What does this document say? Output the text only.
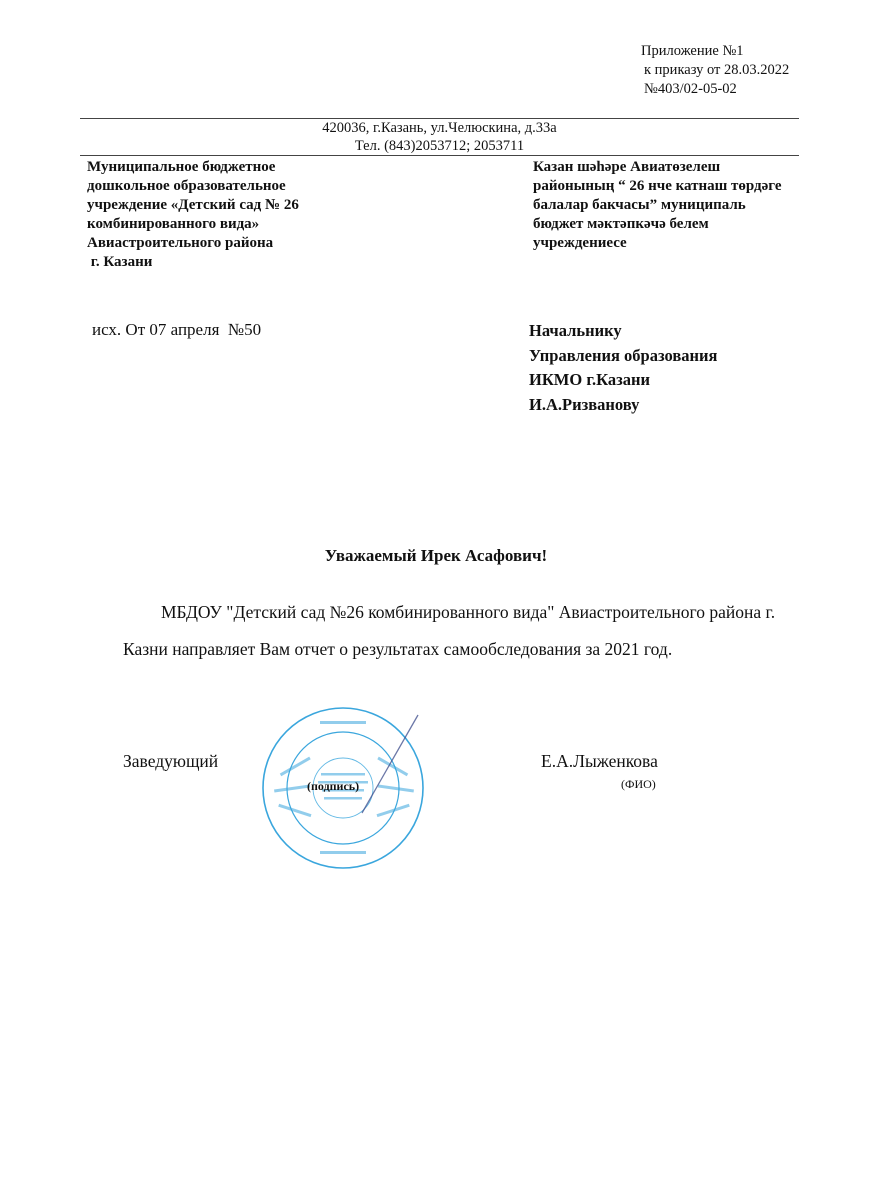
Приложение №1
к приказу от 28.03.2022
№403/02-05-02
420036, г.Казань, ул.Челюскина, д.33а
Тел. (843)2053712; 2053711
Муниципальное бюджетное
дошкольное образовательное
учреждение «Детский сад № 26
комбинированного вида»
Авиастроительного района
г. Казани
Казан шәһәре Авиатөзелеш
районының “ 26 нче катнаш төрдәге
балалар бакчасы” муниципаль
бюджет мәктәпкәчә белем
учреждениесе
исх. От 07 апреля  №50	Начальнику
Управления образования
ИКМО г.Казани
И.А.Ризванову
Уважаемый Ирек Асафович!
МБДОУ "Детский сад №26 комбинированного вида" Авиастроительного района г. Казни направляет Вам отчет о результатах самообследования за 2021 год.
Заведующий
(подпись)
Е.А.Лыженкова
(ФИО)
